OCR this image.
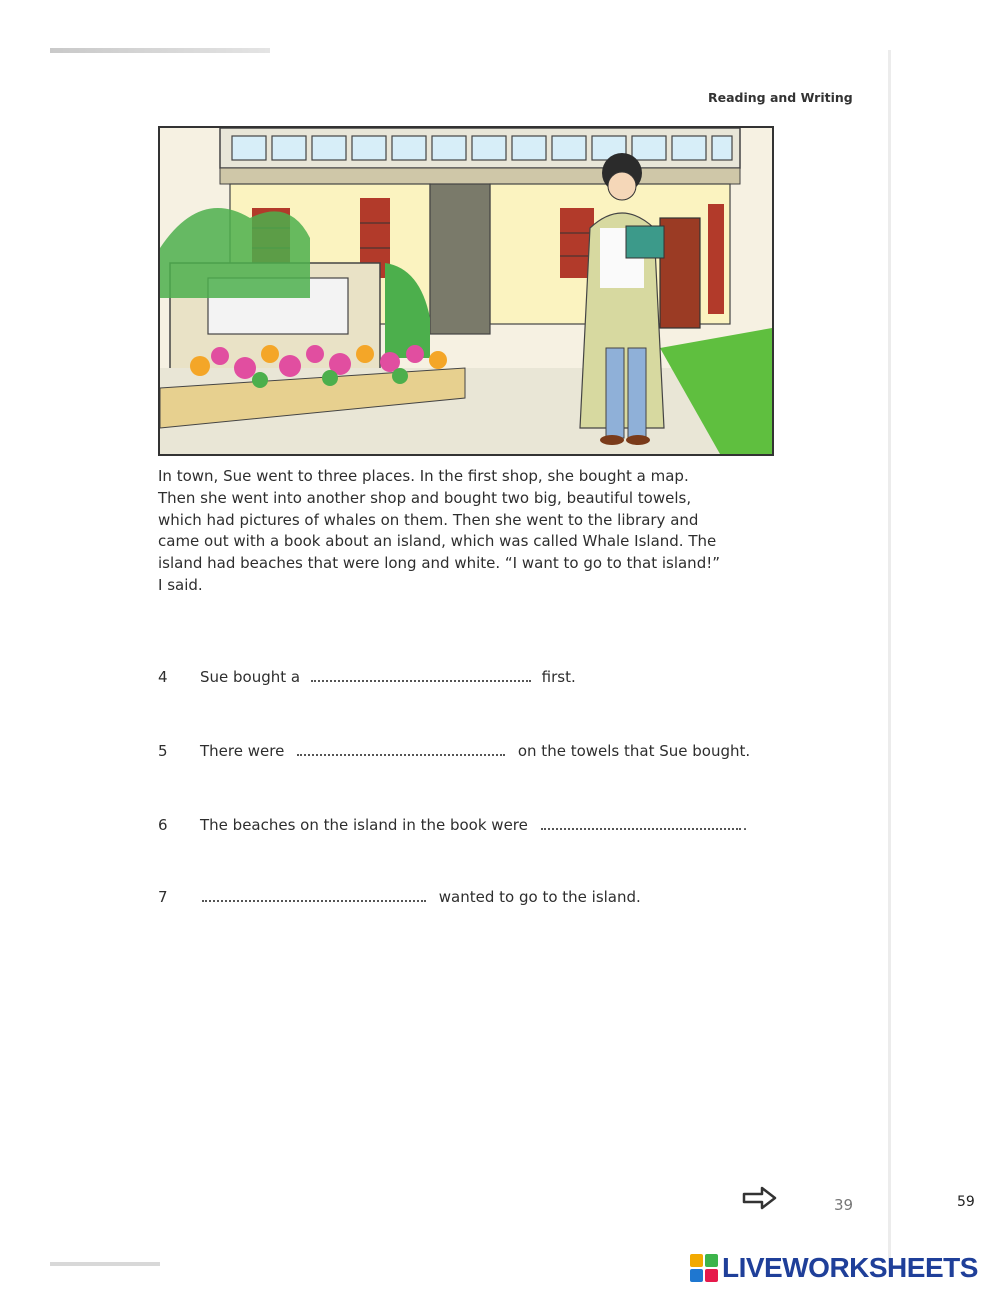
Reading and Writing
In town, Sue went to three places. In the first shop, she bought a map.
Then she went into another shop and bought two big, beautiful towels,
which had pictures of whales on them. Then she went to the library and
came out with a book about an island, which was called Whale Island. The
island had beaches that were long and white. “I want to go to that island!”
I said.
4	Sue bought a	first.
5	There were	on the towels that Sue bought.
6	The beaches on the island in the book were	.
7	wanted to go to the island.
39	59
LIVEWORKSHEETS
